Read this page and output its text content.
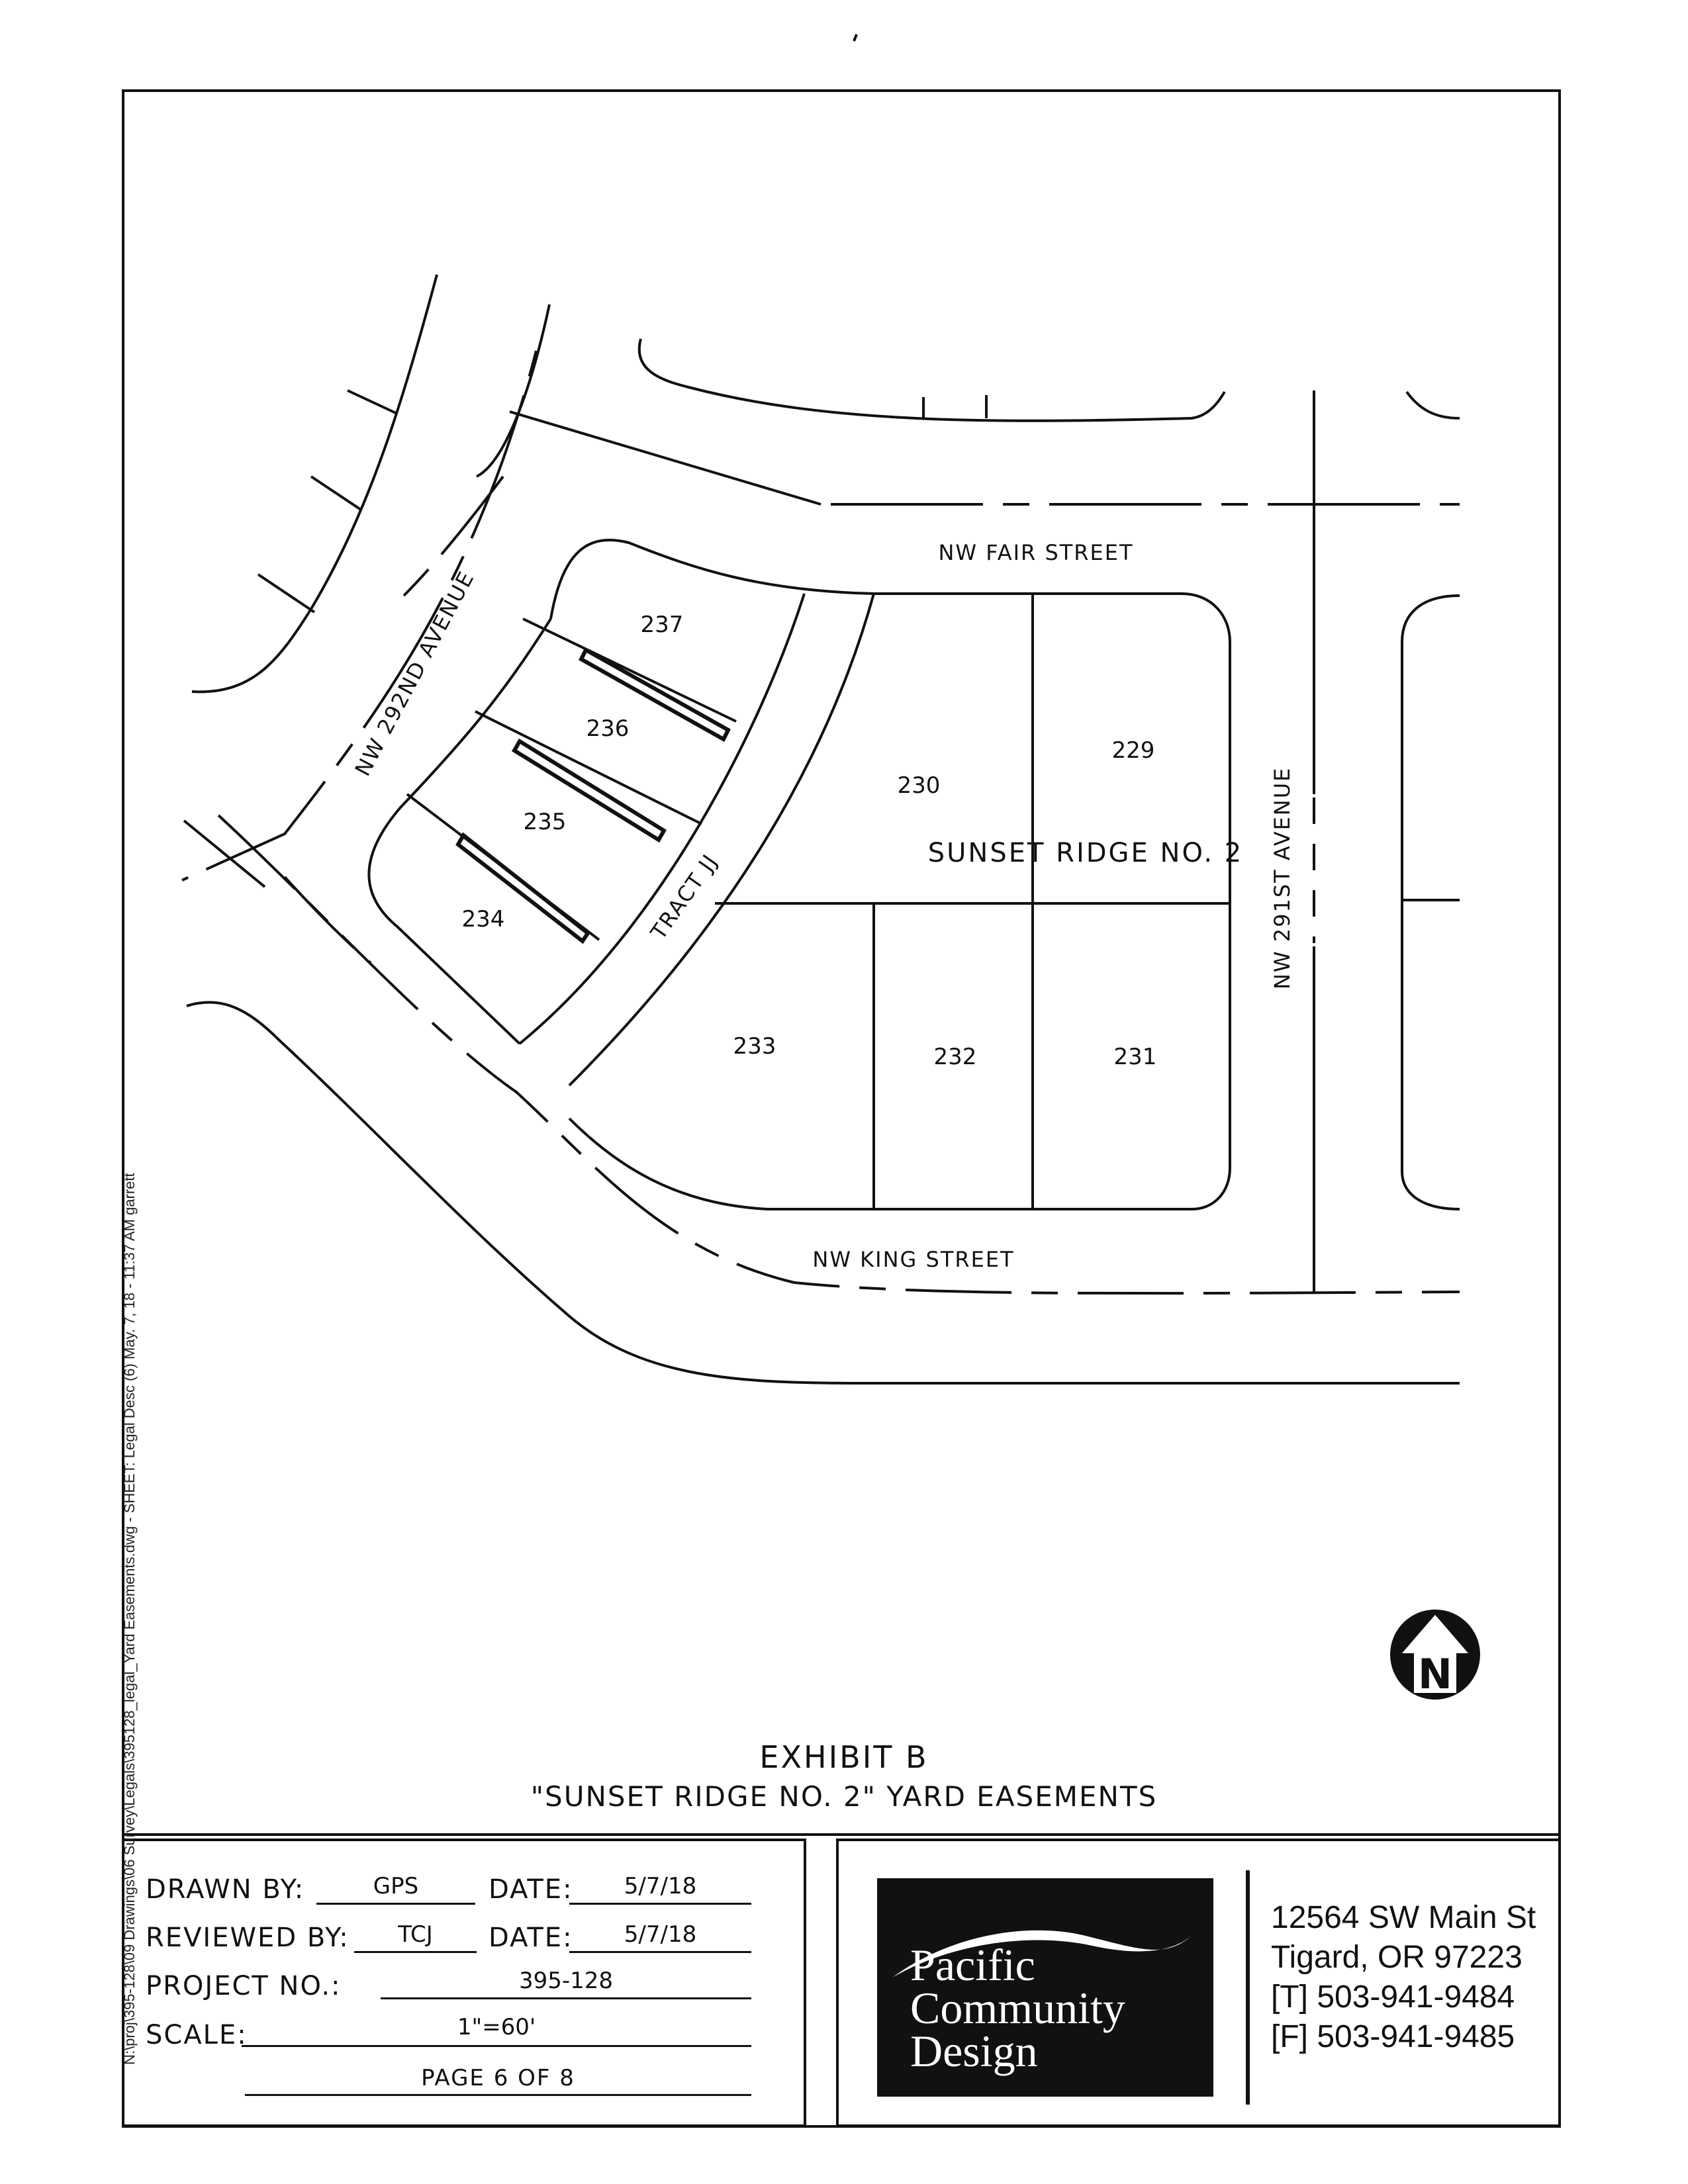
NW FAIR STREET
NW KING STREET
NW 292ND AVENUE
NW 291ST AVENUE
TRACT JJ	SUNSET RIDGE NO. 2
237
236
235
234
230
229
233	232	231
N
EXHIBIT B
"SUNSET RIDGE NO. 2" YARD EASEMENTS
DRAWN BY:	GPS	DATE:	5/7/18
REVIEWED BY:	TCJ	DATE:	5/7/18
PROJECT NO.:	395-128
SCALE:	1"=60'
PAGE 6 OF 8
Pacific
Community
Design
12564 SW Main St
Tigard, OR 97223
[T] 503-941-9484
[F] 503-941-9485
N:\proj\395-128\09 Drawings\06 Survey\Legals\395128_legal_Yard Easements.dwg - SHEET: Legal Desc (6) May. 7, 18 - 11:37 AM garrett
